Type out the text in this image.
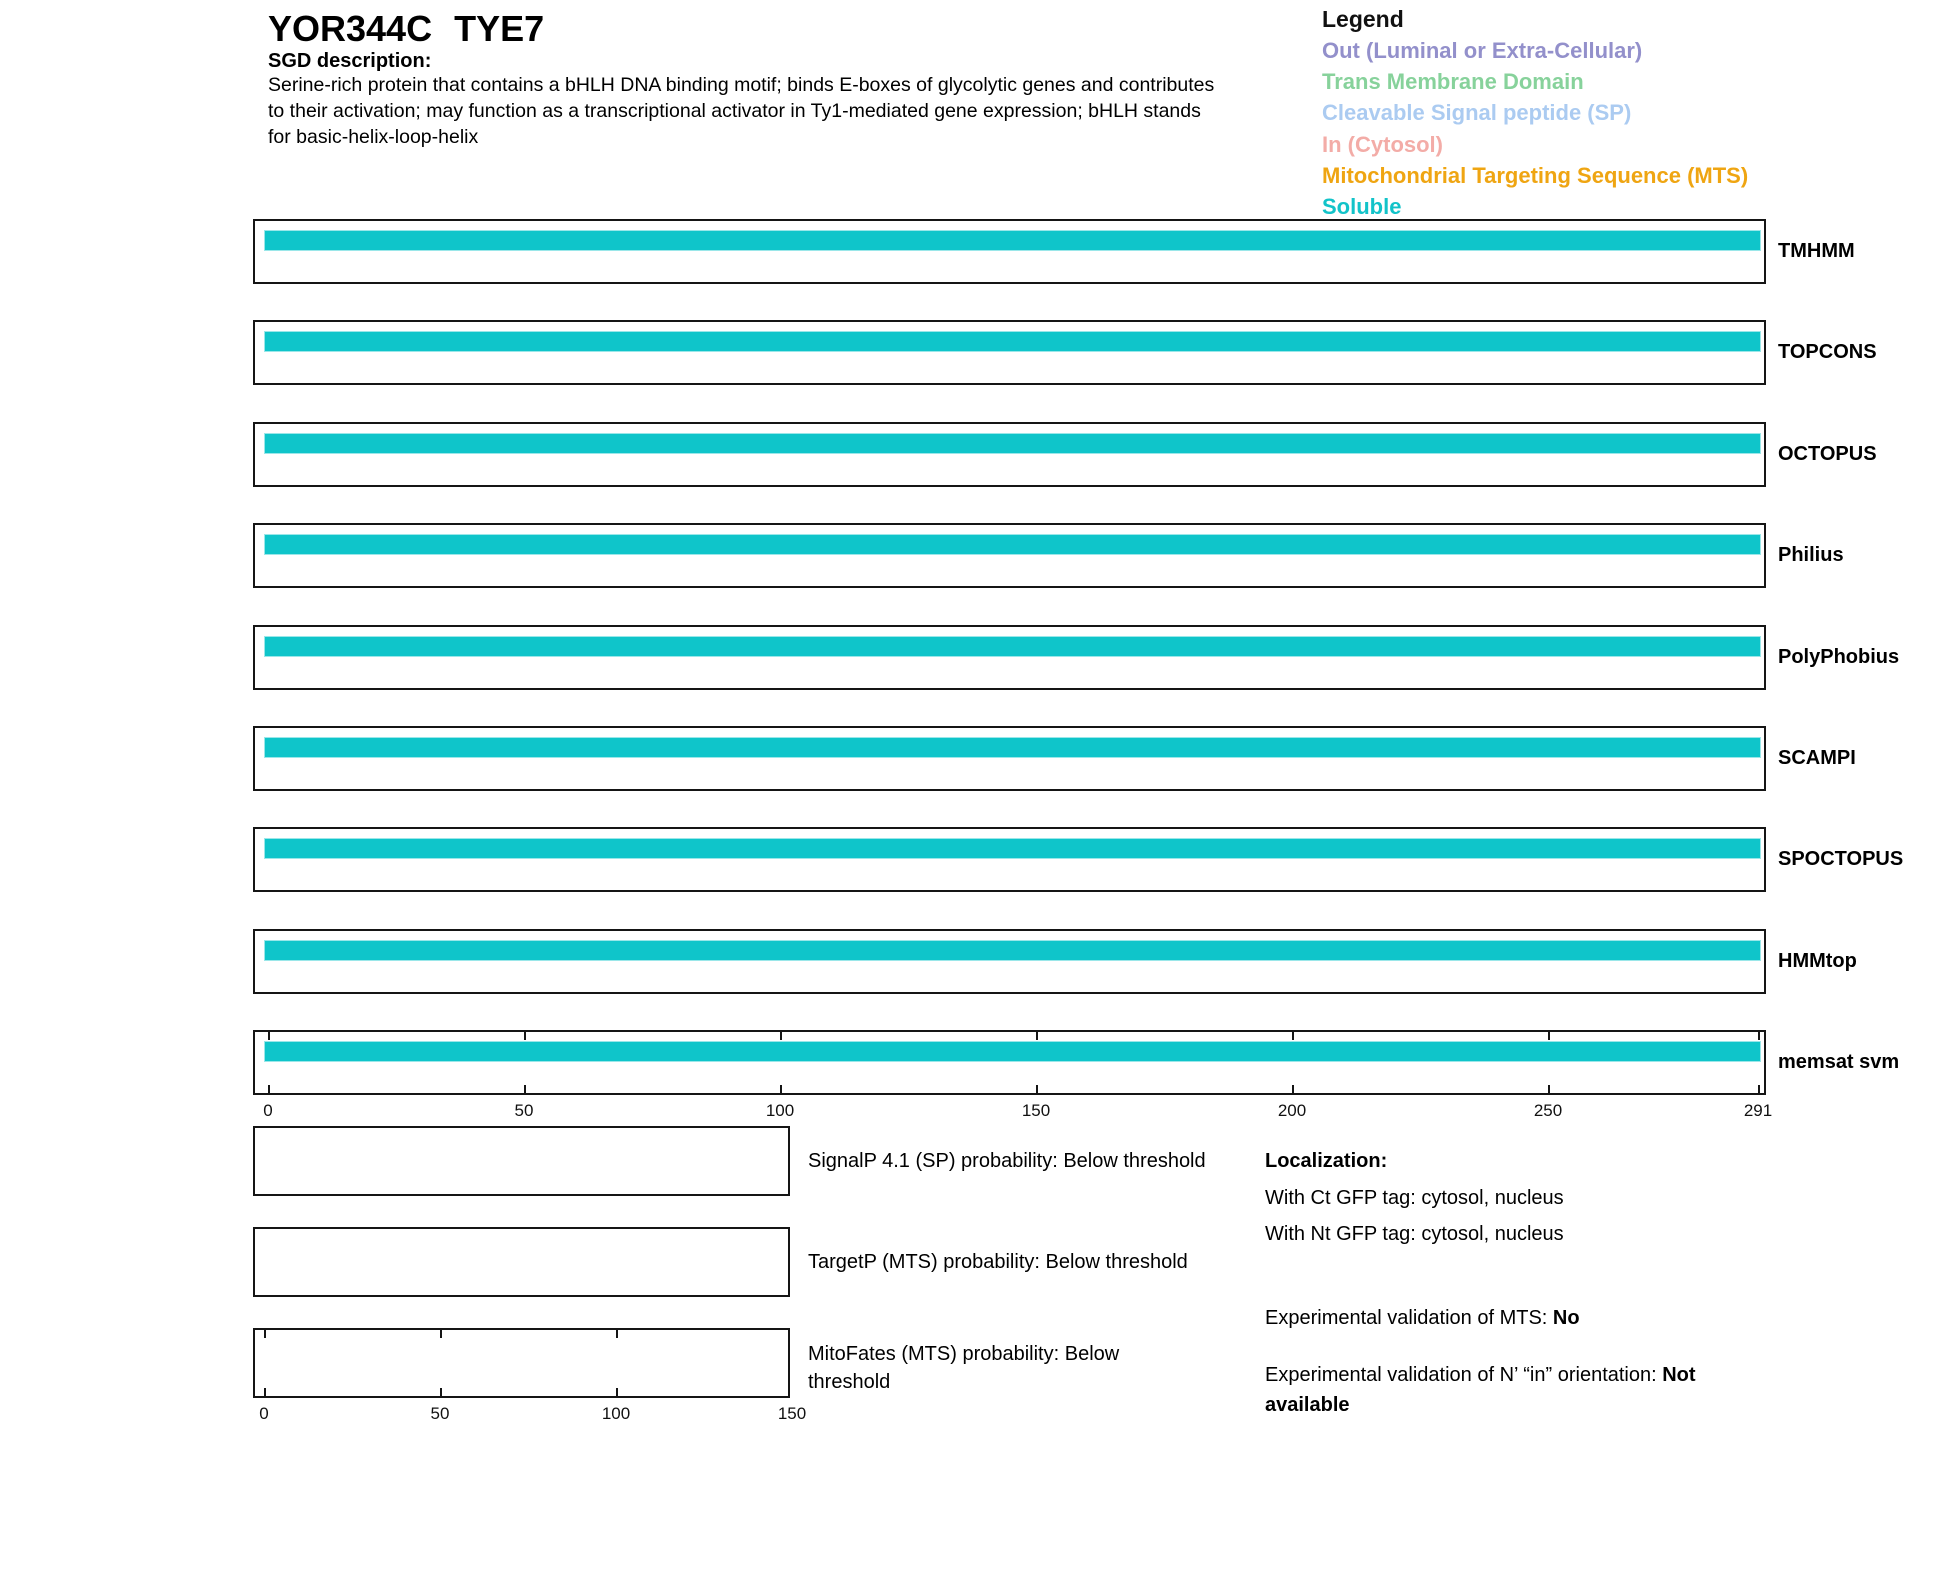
YOR344C TYE7
SGD description:
Serine-rich protein that contains a bHLH DNA binding motif; binds E-boxes of glycolytic genes and contributes
to their activation; may function as a transcriptional activator in Ty1-mediated gene expression; bHLH stands
for basic-helix-loop-helix
Legend
Out (Luminal or Extra-Cellular)
Trans Membrane Domain
Cleavable Signal peptide (SP)
In (Cytosol)
Mitochondrial Targeting Sequence (MTS)
Soluble
TMHMM
TOPCONS
OCTOPUS
Philius
PolyPhobius
SCAMPI
SPOCTOPUS
HMMtop
memsat svm
0	50	100	150	200	250	291
SignalP 4.1 (SP) probability: Below threshold
TargetP (MTS) probability: Below threshold
MitoFates (MTS) probability: Below
threshold
0	50	100	150
Localization:
With Ct GFP tag: cytosol, nucleus
With Nt GFP tag: cytosol, nucleus
Experimental validation of MTS: No
Experimental validation of N’ “in” orientation: Not available
